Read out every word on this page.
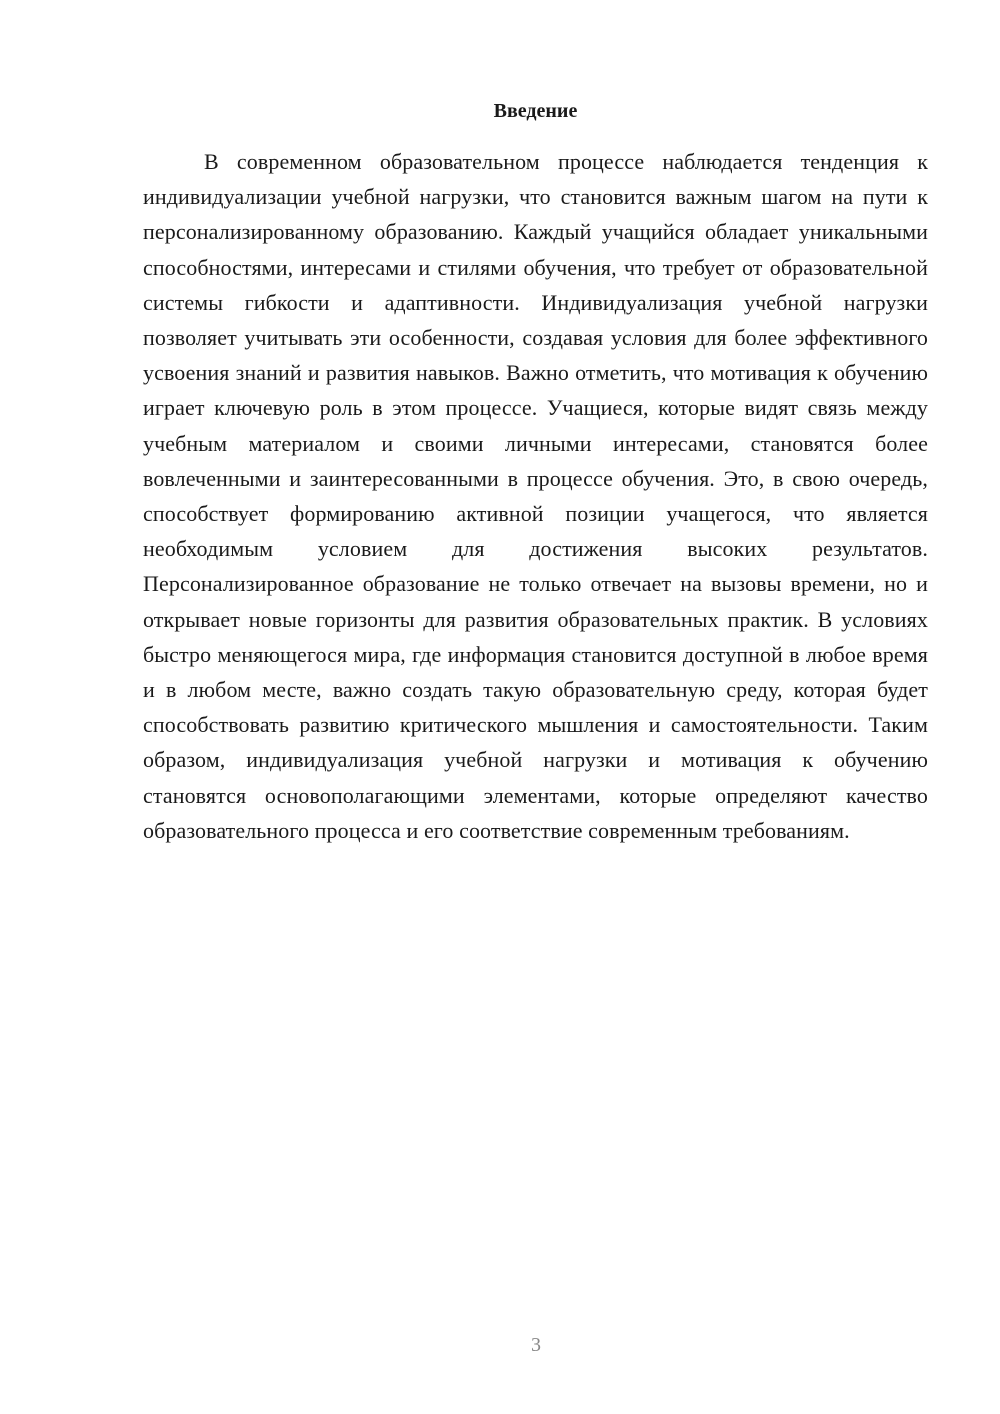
Введение

В современном образовательном процессе наблюдается тенденция к индивидуализации учебной нагрузки, что становится важным шагом на пути к персонализированному образованию. Каждый учащийся обладает уникальными способностями, интересами и стилями обучения, что требует от образовательной системы гибкости и адаптивности. Индивидуализация учебной нагрузки позволяет учитывать эти особенности, создавая условия для более эффективного усвоения знаний и развития навыков. Важно отметить, что мотивация к обучению играет ключевую роль в этом процессе. Учащиеся, которые видят связь между учебным материалом и своими личными интересами, становятся более вовлеченными и заинтересованными в процессе обучения. Это, в свою очередь, способствует формированию активной позиции учащегося, что является необходимым условием для достижения высоких результатов. Персонализированное образование не только отвечает на вызовы времени, но и открывает новые горизонты для развития образовательных практик. В условиях быстро меняющегося мира, где информация становится доступной в любое время и в любом месте, важно создать такую образовательную среду, которая будет способствовать развитию критического мышления и самостоятельности. Таким образом, индивидуализация учебной нагрузки и мотивация к обучению становятся основополагающими элементами, которые определяют качество образовательного процесса и его соответствие современным требованиям.

3
